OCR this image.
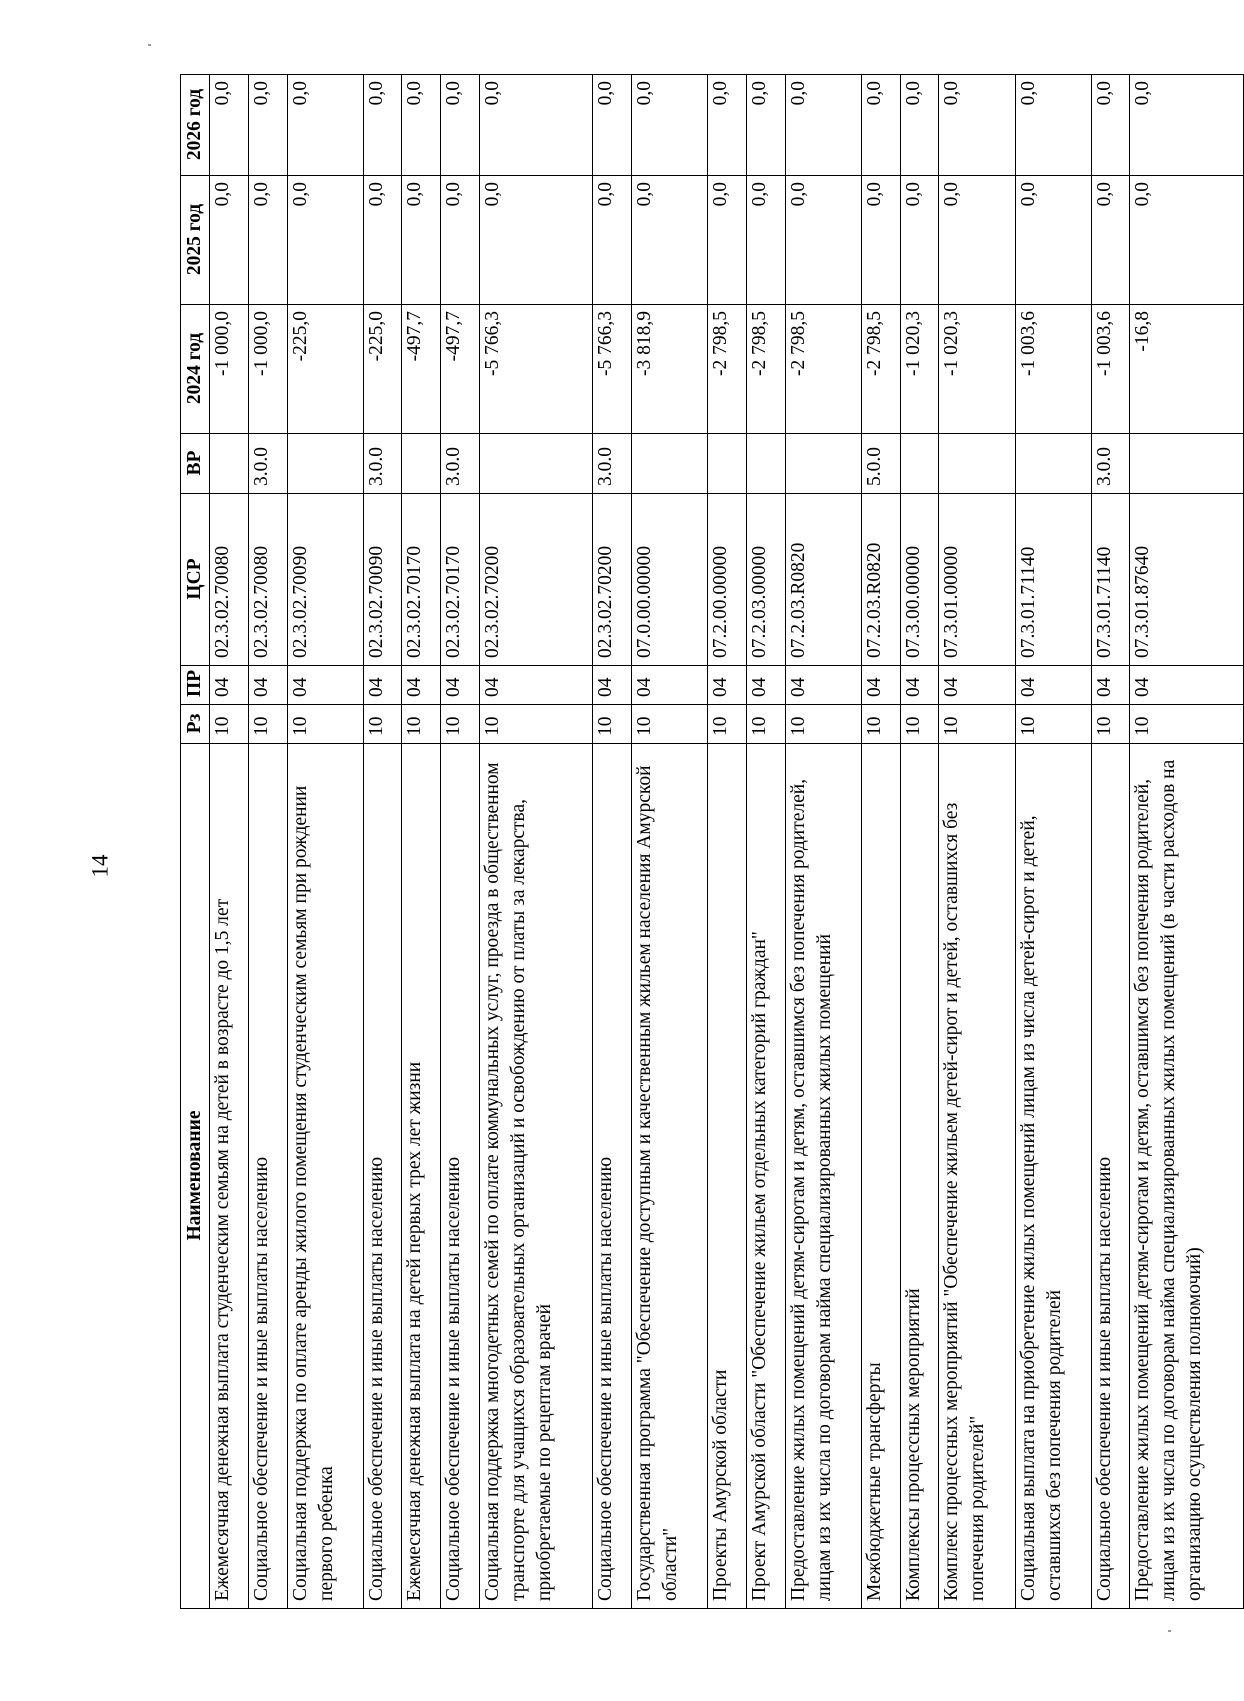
14
Наименование	Рз	ПР	ЦСР	ВР	2024 год	2025 год	2026 год
Ежемесячная денежная выплата студенческим семьям на детей в возрасте до 1,5 лет	10	04	02.3.02.70080		-1 000,0	0,0	0,0
Социальное обеспечение и иные выплаты населению	10	04	02.3.02.70080	3.0.0	-1 000,0	0,0	0,0
Социальная поддержка по оплате аренды жилого помещения студенческим семьям при рождении первого ребенка	10	04	02.3.02.70090		-225,0	0,0	0,0
Социальное обеспечение и иные выплаты населению	10	04	02.3.02.70090	3.0.0	-225,0	0,0	0,0
Ежемесячная денежная выплата на детей первых трех лет жизни	10	04	02.3.02.70170		-497,7	0,0	0,0
Социальное обеспечение и иные выплаты населению	10	04	02.3.02.70170	3.0.0	-497,7	0,0	0,0
Социальная поддержка многодетных семей по оплате коммунальных услуг, проезда в общественном транспорте для учащихся образовательных организаций и освобождению от платы за лекарства, приобретаемые по рецептам врачей	10	04	02.3.02.70200		-5 766,3	0,0	0,0
Социальное обеспечение и иные выплаты населению	10	04	02.3.02.70200	3.0.0	-5 766,3	0,0	0,0
Государственная программа "Обеспечение доступным и качественным жильем населения Амурской области"	10	04	07.0.00.00000		-3 818,9	0,0	0,0
Проекты Амурской области	10	04	07.2.00.00000		-2 798,5	0,0	0,0
Проект Амурской области "Обеспечение жильем отдельных категорий граждан"	10	04	07.2.03.00000		-2 798,5	0,0	0,0
Предоставление жилых помещений детям-сиротам и детям, оставшимся без попечения родителей, лицам из их числа по договорам найма специализированных жилых помещений	10	04	07.2.03.R0820		-2 798,5	0,0	0,0
Межбюджетные трансферты	10	04	07.2.03.R0820	5.0.0	-2 798,5	0,0	0,0
Комплексы процессных мероприятий	10	04	07.3.00.00000		-1 020,3	0,0	0,0
Комплекс процессных мероприятий "Обеспечение жильем детей-сирот и детей, оставшихся без попечения родителей"	10	04	07.3.01.00000		-1 020,3	0,0	0,0
Социальная выплата на приобретение жилых помещений лицам из числа детей-сирот и детей, оставшихся без попечения родителей	10	04	07.3.01.71140		-1 003,6	0,0	0,0
Социальное обеспечение и иные выплаты населению	10	04	07.3.01.71140	3.0.0	-1 003,6	0,0	0,0
Предоставление жилых помещений детям-сиротам и детям, оставшимся без попечения родителей, лицам из их числа по договорам найма специализированных жилых помещений (в части расходов на организацию осуществления полномочий)	10	04	07.3.01.87640		-16,8	0,0	0,0
